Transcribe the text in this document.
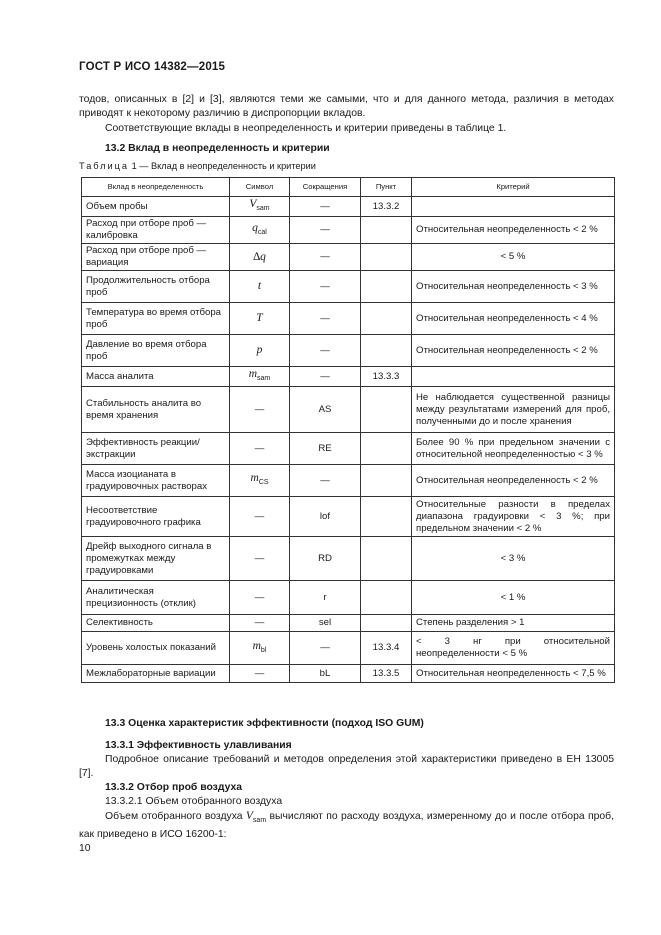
ГОСТ Р ИСО 14382—2015

тодов, описанных в [2] и [3], являются теми же самыми, что и для данного метода, различия в методах приводят к некоторому различию в диспропорции вкладов.

Соответствующие вклады в неопределенность и критерии приведены в таблице 1.

13.2 Вклад в неопределенность и критерии
Таблица 1 — Вклад в неопределенность и критерии
Вклад в неопределенность	Символ	Сокращения	Пункт	Критерий
Объем пробы	$V_{sam}$	—	13.3.2	
Расход при отборе проб — калибровка	$q_{cal}$	—		Относительная неопределенность < 2 %
Расход при отборе проб — вариация	∆q	—		< 5 %
Продолжительность отбора проб	t	—		Относительная неопределенность < 3 %
Температура во время отбора проб	T	—		Относительная неопределенность < 4 %
Давление во время отбора проб	p	—		Относительная неопределенность < 2 %
Масса аналита	$m_{sam}$	—	13.3.3	
Стабильность аналита во время хранения	—	AS		Не наблюдается существенной разницы между результатами измерений для проб, полученными до и после хранения
Эффективность реакции/ экстракции	—	RE		Более 90 % при предельном значении с относительной неопределенностью < 3 %
Масса изоцианата в градуировочных растворах	$m_{CS}$	—		Относительная неопределенность < 2 %
Несоответствие градуировочного графика	—	lof		Относительные разности в пределах диапазона градуировки < 3 %; при предельном значении < 2 %
Дрейф выходного сигнала в промежутках между градуировками	—	RD		< 3 %
Аналитическая прецизионность (отклик)	—	r		< 1 %
Селективность	—	sel		Степень разделения > 1
Уровень холостых показаний	$m_{bl}$	—	13.3.4	< 3 нг при относительной неопределенности < 5 %
Межлабораторные вариации	—	bL	13.3.5	Относительная неопределенность < 7,5 %

13.3 Оценка характеристик эффективности (подход ISO GUM)

13.3.1 Эффективность улавливания

Подробное описание требований и методов определения этой характеристики приведено в ЕН 13005 [7].

13.3.2 Отбор проб воздуха

13.3.2.1 Объем отобранного воздуха

Объем отобранного воздуха $V_{sam}$ вычисляют по расходу воздуха, измеренному до и после отбора проб, как приведено в ИСО 16200-1:

10
